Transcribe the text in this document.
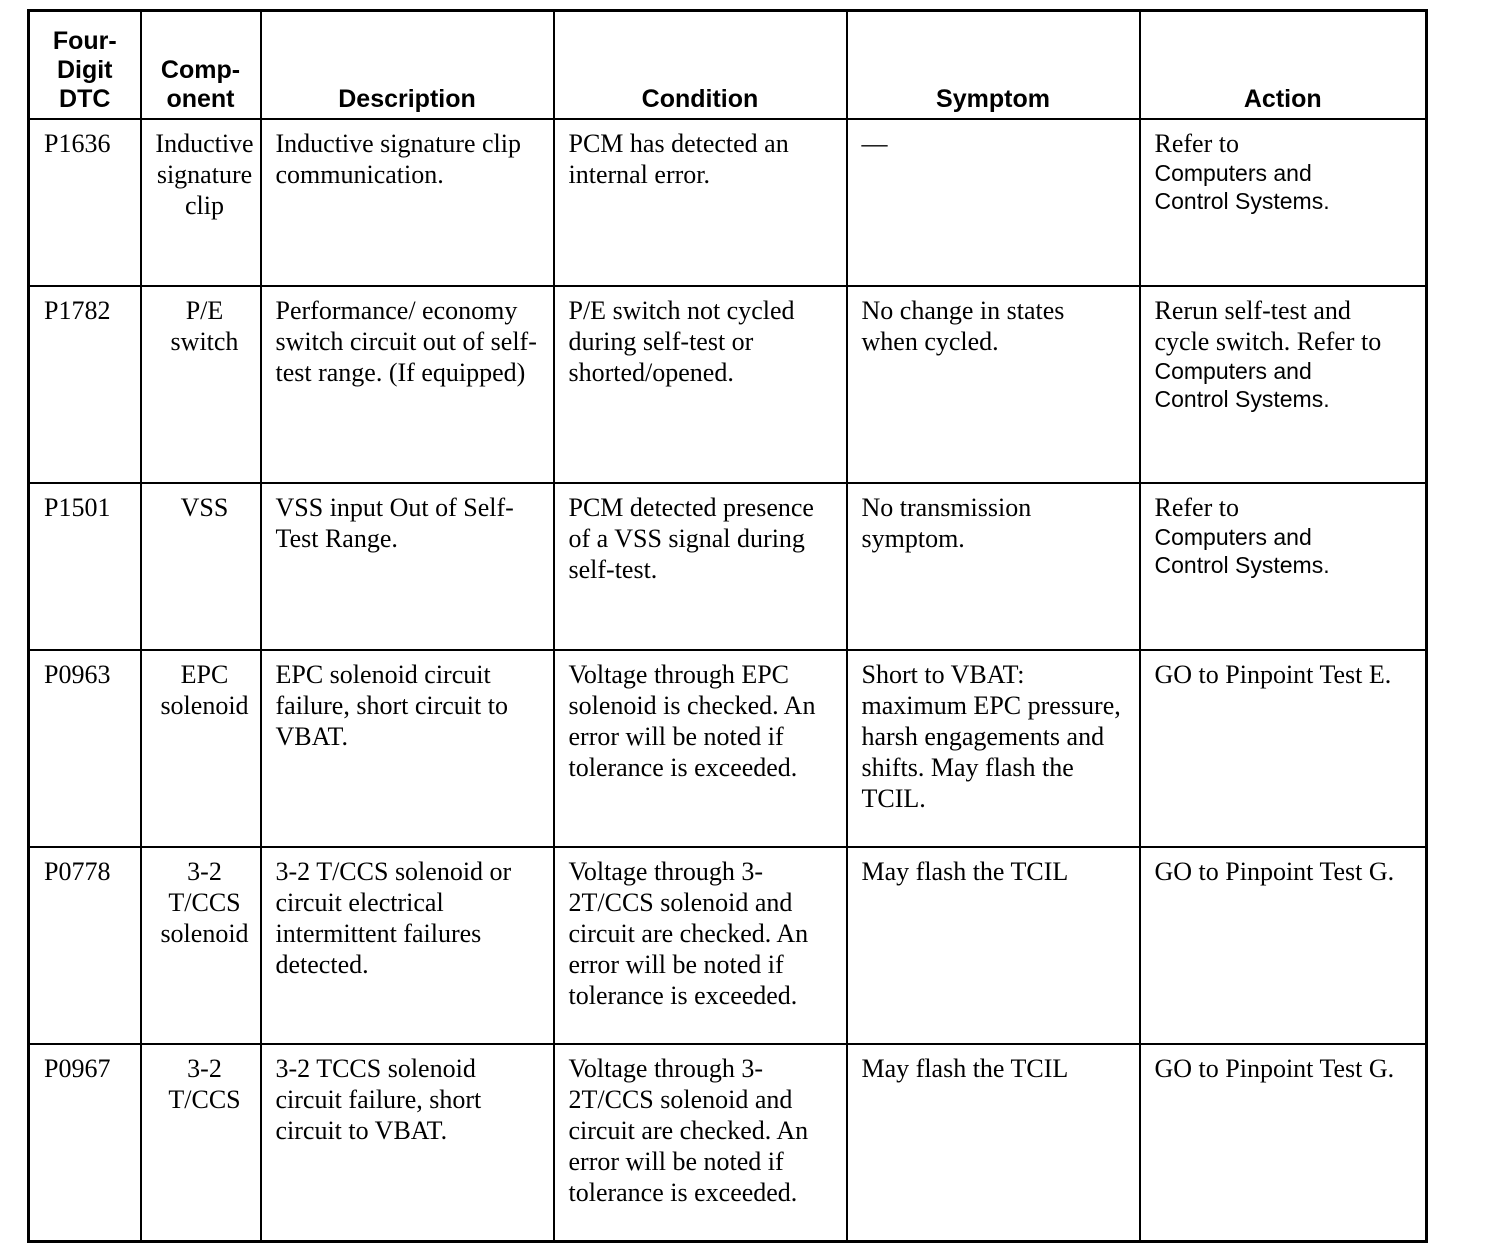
Four-
Digit
DTC	Comp-
onent	Description	Condition	Symptom	Action
P1636	Inductive
signature
clip	Inductive signature clip communication.	PCM has detected an internal error.	—	Refer to
Computers and
Control Systems.

P1782	P/E
switch	Performance/ economy switch circuit out of self-test range. (If equipped)	P/E switch not cycled during self-test or shorted/opened.	No change in states when cycled.	Rerun self-test and cycle switch. Refer to
Computers and
Control Systems.

P1501	VSS	VSS input Out of Self-Test Range.	PCM detected presence of a VSS signal during self-test.	No transmission symptom.	Refer to
Computers and
Control Systems.

P0963	EPC
solenoid	EPC solenoid circuit failure, short circuit to VBAT.	Voltage through EPC solenoid is checked. An error will be noted if tolerance is exceeded.	Short to VBAT: maximum EPC pressure, harsh engagements and shifts. May flash the TCIL.	GO to Pinpoint Test E.

P0778	3-2
T/CCS
solenoid	3-2 T/CCS solenoid or circuit electrical intermittent failures detected.	Voltage through 3-2T/CCS solenoid and circuit are checked. An error will be noted if tolerance is exceeded.	May flash the TCIL	GO to Pinpoint Test G.

P0967	3-2
T/CCS	3-2 TCCS solenoid circuit failure, short circuit to VBAT.	Voltage through 3-2T/CCS solenoid and circuit are checked. An error will be noted if tolerance is exceeded.	May flash the TCIL	GO to Pinpoint Test G.
